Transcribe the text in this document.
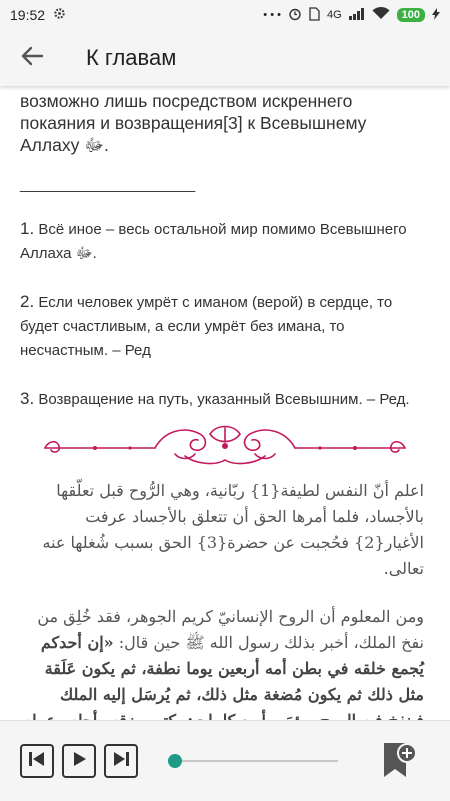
19:52	• • •	4G	100
К главам
возможно лишь посредством искреннего покаяния и возвращения[3] к Всевышнему Аллаху ﷻ.
_____________________
1. Всё иное – весь остальной мир помимо Всевышнего Аллаха ﷻ.
2. Если человек умрёт с иманом (верой) в сердце, то будет счастливым, а если умрёт без имана, то несчастным. – Ред
3. Возвращение на путь, указанный Всевышним. – Ред.
اعلم أنّ النفس لطيفة{1} ربّانية، وهي الرُّوح قبل تعلّقها بالأجساد، فلما أمرها الحق أن تتعلق بالأجساد عرفت الأغيار{2} فحُجبت عن حضرة{3} الحق بسبب شُغلها عنه تعالى.
ومن المعلوم أن الروح الإنسانيّ كريم الجوهر، فقد خُلِق من نفخ الملك، أخبر بذلك رسول الله ﷺ حين قال: «إن أحدكم يُجمع خلقه في بطن أمه أربعين يوما نطفة، ثم يكون عَلَقة مثل ذلك ثم يكون مُضغة مثل ذلك، ثم يُرسَل إليه الملك
